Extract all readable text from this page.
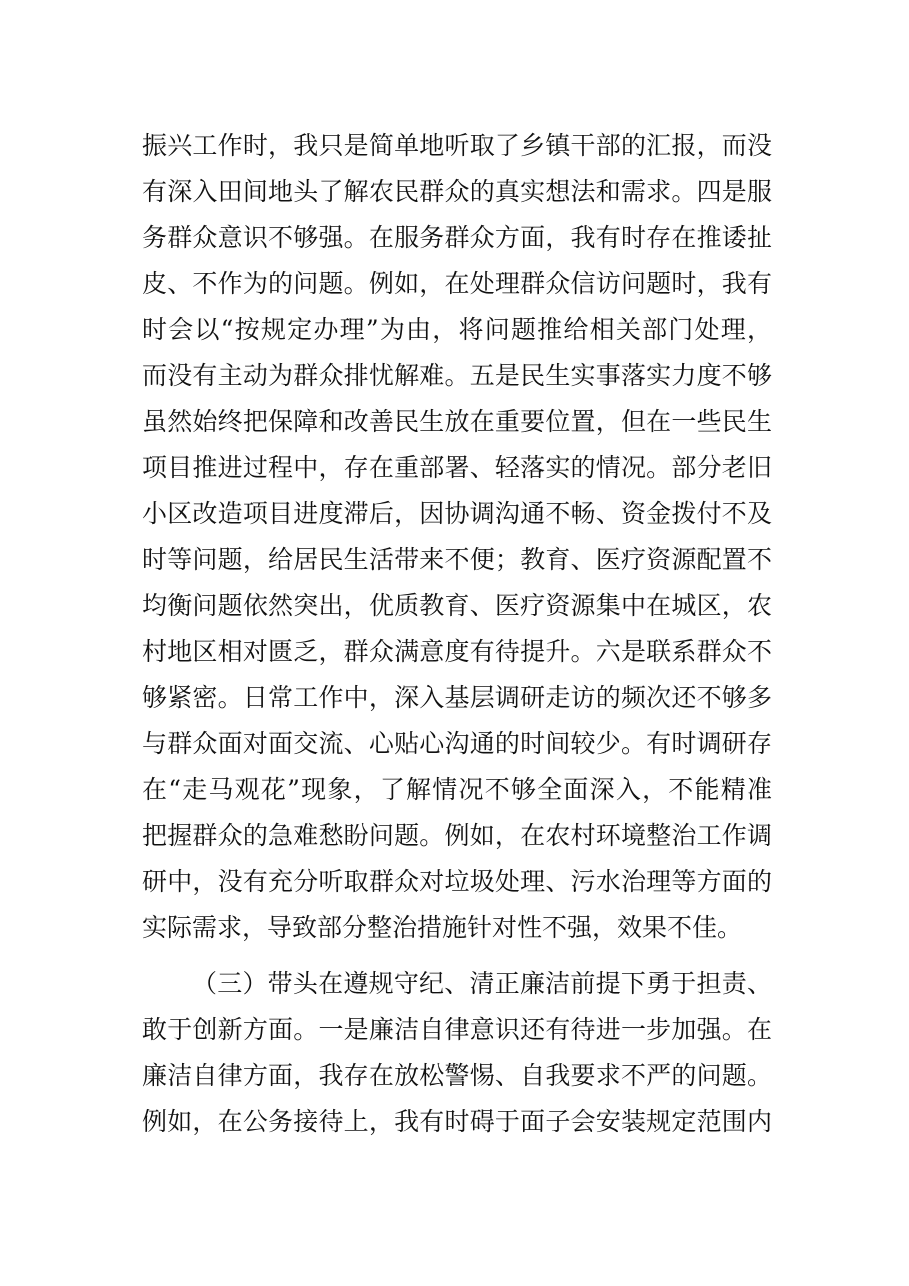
振兴工作时，我只是简单地听取了乡镇干部的汇报，而没
有深入田间地头了解农民群众的真实想法和需求。四是服
务群众意识不够强。在服务群众方面，我有时存在推诿扯
皮、不作为的问题。例如，在处理群众信访问题时，我有
时会以“按规定办理”为由，将问题推给相关部门处理，
而没有主动为群众排忧解难。五是民生实事落实力度不够
虽然始终把保障和改善民生放在重要位置，但在一些民生
项目推进过程中，存在重部署、轻落实的情况。部分老旧
小区改造项目进度滞后，因协调沟通不畅、资金拨付不及
时等问题，给居民生活带来不便；教育、医疗资源配置不
均衡问题依然突出，优质教育、医疗资源集中在城区，农
村地区相对匮乏，群众满意度有待提升。六是联系群众不
够紧密。日常工作中，深入基层调研走访的频次还不够多
与群众面对面交流、心贴心沟通的时间较少。有时调研存
在“走马观花”现象，了解情况不够全面深入，不能精准
把握群众的急难愁盼问题。例如，在农村环境整治工作调
研中，没有充分听取群众对垃圾处理、污水治理等方面的
实际需求，导致部分整治措施针对性不强，效果不佳。
（三）带头在遵规守纪、清正廉洁前提下勇于担责、
敢于创新方面。一是廉洁自律意识还有待进一步加强。在
廉洁自律方面，我存在放松警惕、自我要求不严的问题。
例如，在公务接待上，我有时碍于面子会安装规定范围内
